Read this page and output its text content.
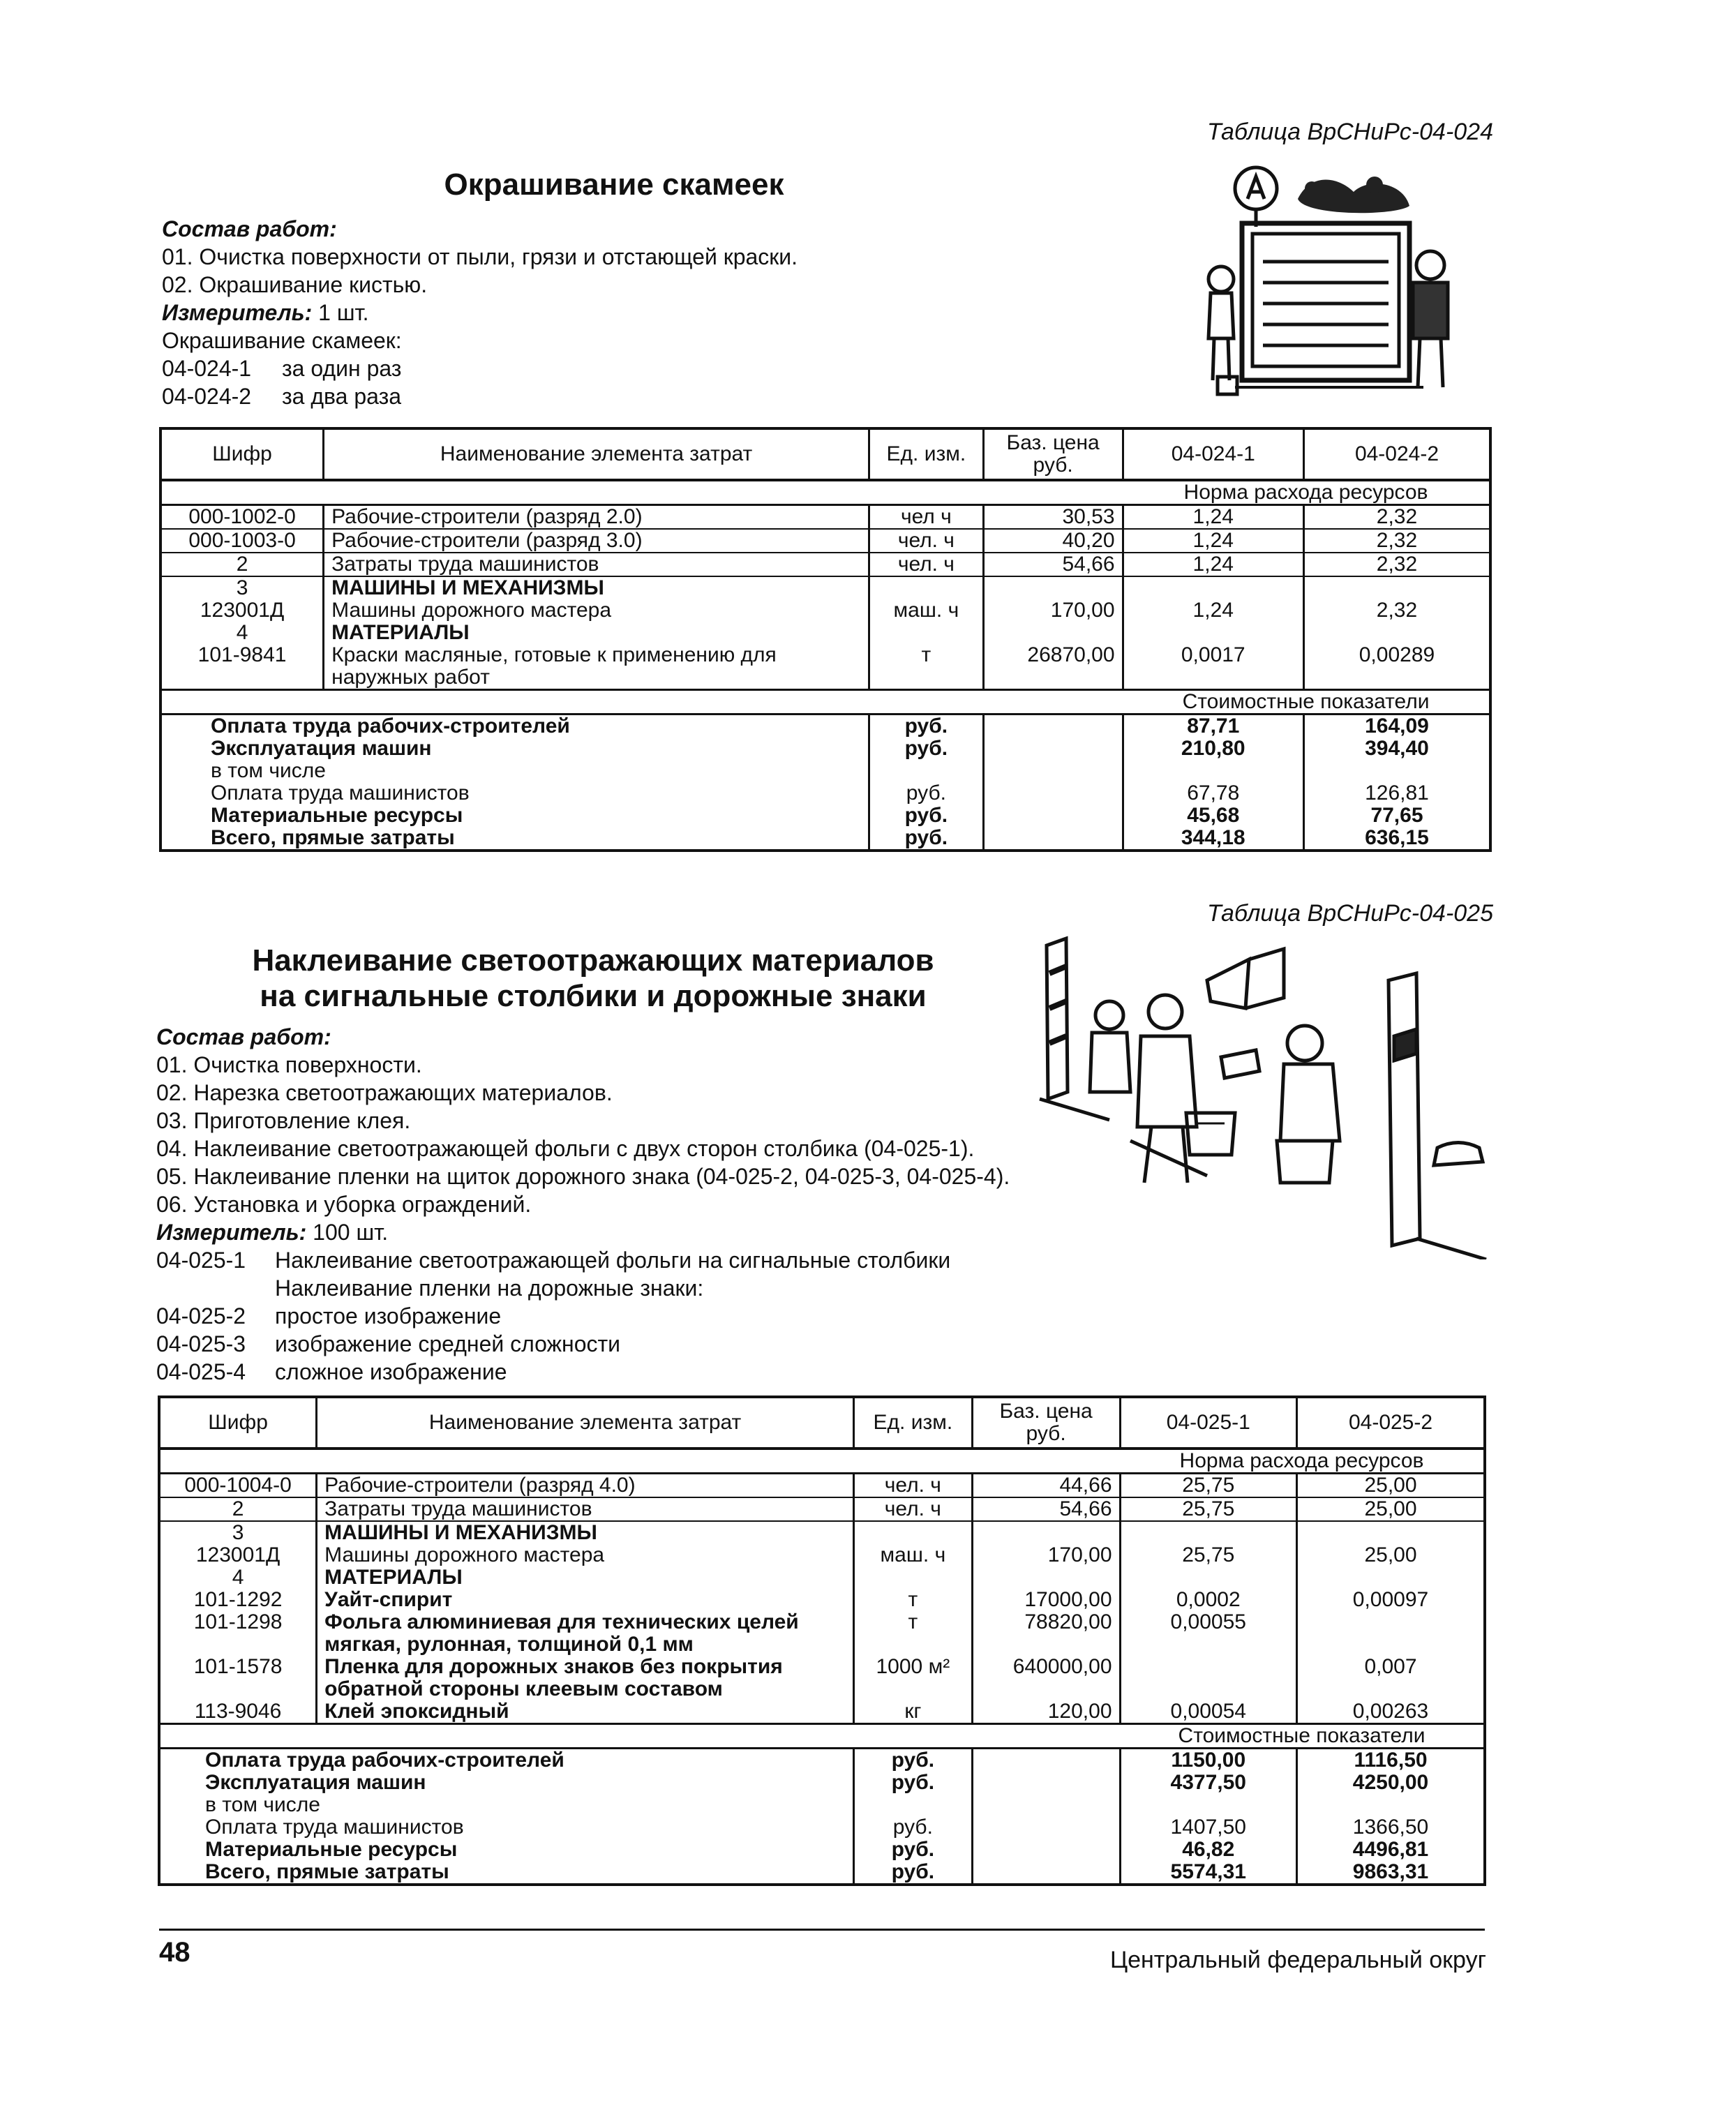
Таблица ВрСНиРс-04-024
Окрашивание скамеек
Состав работ:
01. Очистка поверхности от пыли, грязи и отстающей краски.
02. Окрашивание кистью.
Измеритель: 1 шт.
Окрашивание скамеек:
04-024-1 за один раз
04-024-2 за два раза
Шифр	Наименование элемента затрат	Ед. изм.	Баз. цена руб.	04-024-1	04-024-2
				Норма расхода ресурсов	
000-1002-0	Рабочие-строители (разряд 2.0)	чел ч	30,53	1,24	2,32
000-1003-0	Рабочие-строители (разряд 3.0)	чел. ч	40,20	1,24	2,32
2	Затраты труда машинистов	чел. ч	54,66	1,24	2,32
3	МАШИНЫ И МЕХАНИЗМЫ				
123001Д	Машины дорожного мастера	маш. ч	170,00	1,24	2,32
4	МАТЕРИАЛЫ				
101-9841	Краски масляные, готовые к применению для наружных работ	т	26870,00	0,0017	0,00289
				Стоимостные показатели	
Оплата труда рабочих-строителей		руб.		87,71	164,09
Эксплуатация машин		руб.		210,80	394,40
в том числе					
Оплата труда машинистов		руб.		67,78	126,81
Материальные ресурсы		руб.		45,68	77,65
Всего, прямые затраты		руб.		344,18	636,15
Таблица ВрСНиРс-04-025
Наклеивание светоотражающих материалов
на сигнальные столбики и дорожные знаки
Состав работ:
01. Очистка поверхности.
02. Нарезка светоотражающих материалов.
03. Приготовление клея.
04. Наклеивание светоотражающей фольги с двух сторон столбика (04-025-1).
05. Наклеивание пленки на щиток дорожного знака (04-025-2, 04-025-3, 04-025-4).
06. Установка и уборка ограждений.
Измеритель: 100 шт.
04-025-1 Наклеивание светоотражающей фольги на сигнальные столбики
Наклеивание пленки на дорожные знаки:
04-025-2 простое изображение
04-025-3 изображение средней сложности
04-025-4 сложное изображение
Шифр	Наименование элемента затрат	Ед. изм.	Баз. цена руб.	04-025-1	04-025-2
				Норма расхода ресурсов	
000-1004-0	Рабочие-строители (разряд 4.0)	чел. ч	44,66	25,75	25,00
2	Затраты труда машинистов	чел. ч	54,66	25,75	25,00
3	МАШИНЫ И МЕХАНИЗМЫ				
123001Д	Машины дорожного мастера	маш. ч	170,00	25,75	25,00
4	МАТЕРИАЛЫ				
101-1292	Уайт-спирит	т	17000,00	0,0002	0,00097
101-1298	Фольга алюминиевая для технических целей мягкая, рулонная, толщиной 0,1 мм	т	78820,00	0,00055	
101-1578	Пленка для дорожных знаков без покрытия обратной стороны клеевым составом	1000 м²	640000,00		0,007
113-9046	Клей эпоксидный	кг	120,00	0,00054	0,00263
				Стоимостные показатели	
Оплата труда рабочих-строителей		руб.		1150,00	1116,50
Эксплуатация машин		руб.		4377,50	4250,00
в том числе					
Оплата труда машинистов		руб.		1407,50	1366,50
Материальные ресурсы		руб.		46,82	4496,81
Всего, прямые затраты		руб.		5574,31	9863,31
48	Центральный федеральный округ
